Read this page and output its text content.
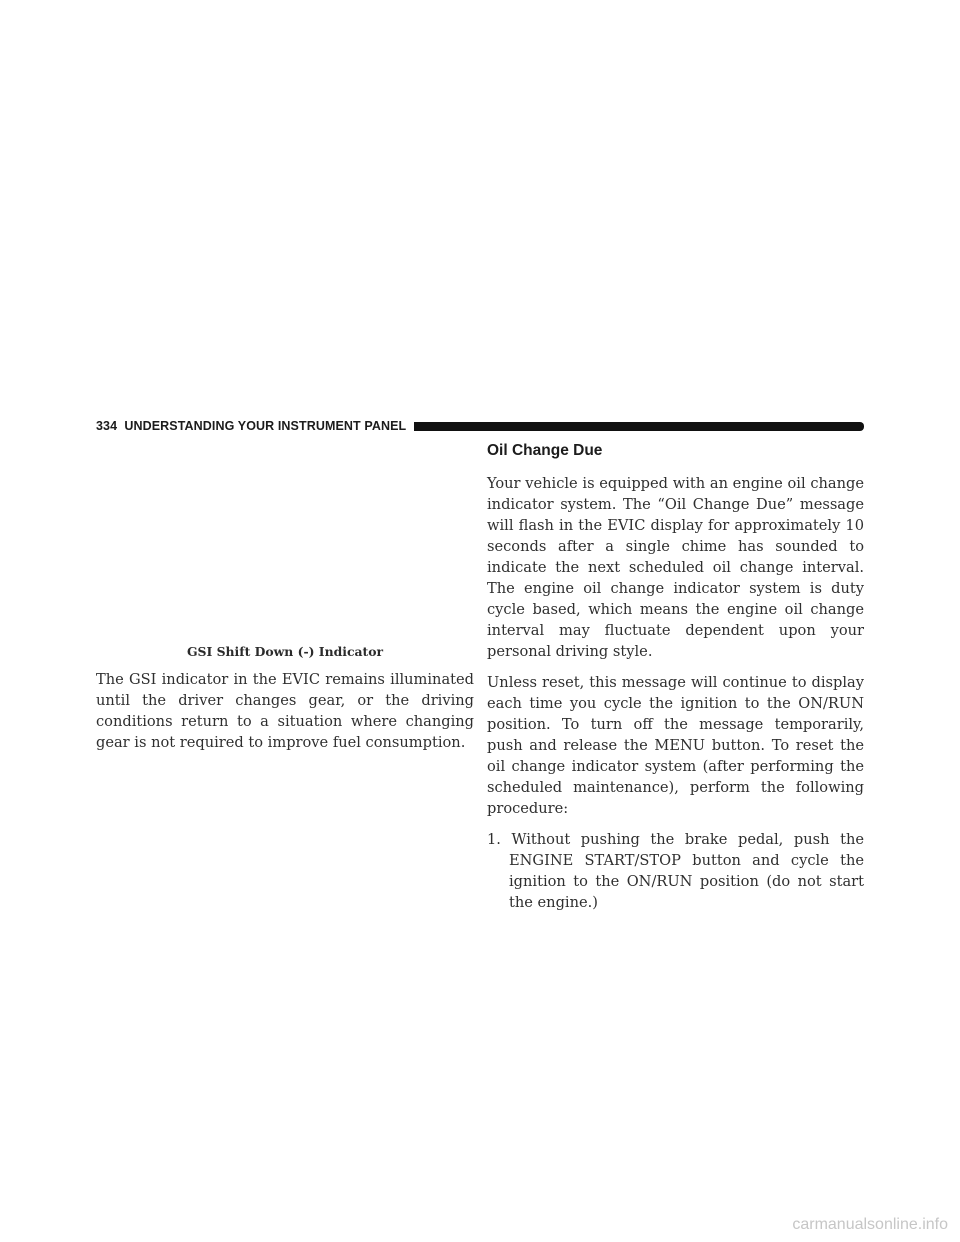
334 UNDERSTANDING YOUR INSTRUMENT PANEL

GSI Shift Down (-) Indicator

The GSI indicator in the EVIC remains illuminated until the driver changes gear, or the driving conditions return to a situation where changing gear is not required to improve fuel consumption.

Oil Change Due

Your vehicle is equipped with an engine oil change indicator system. The “Oil Change Due” message will flash in the EVIC display for approximately 10 seconds after a single chime has sounded to indicate the next scheduled oil change interval. The engine oil change indicator system is duty cycle based, which means the engine oil change interval may fluctuate dependent upon your personal driving style.

Unless reset, this message will continue to display each time you cycle the ignition to the ON/RUN position. To turn off the message temporarily, push and release the MENU button. To reset the oil change indicator system (after performing the scheduled maintenance), perform the following procedure:

1. Without pushing the brake pedal, push the ENGINE START/STOP button and cycle the ignition to the ON/RUN position (do not start the engine.)

carmanualsonline.info
